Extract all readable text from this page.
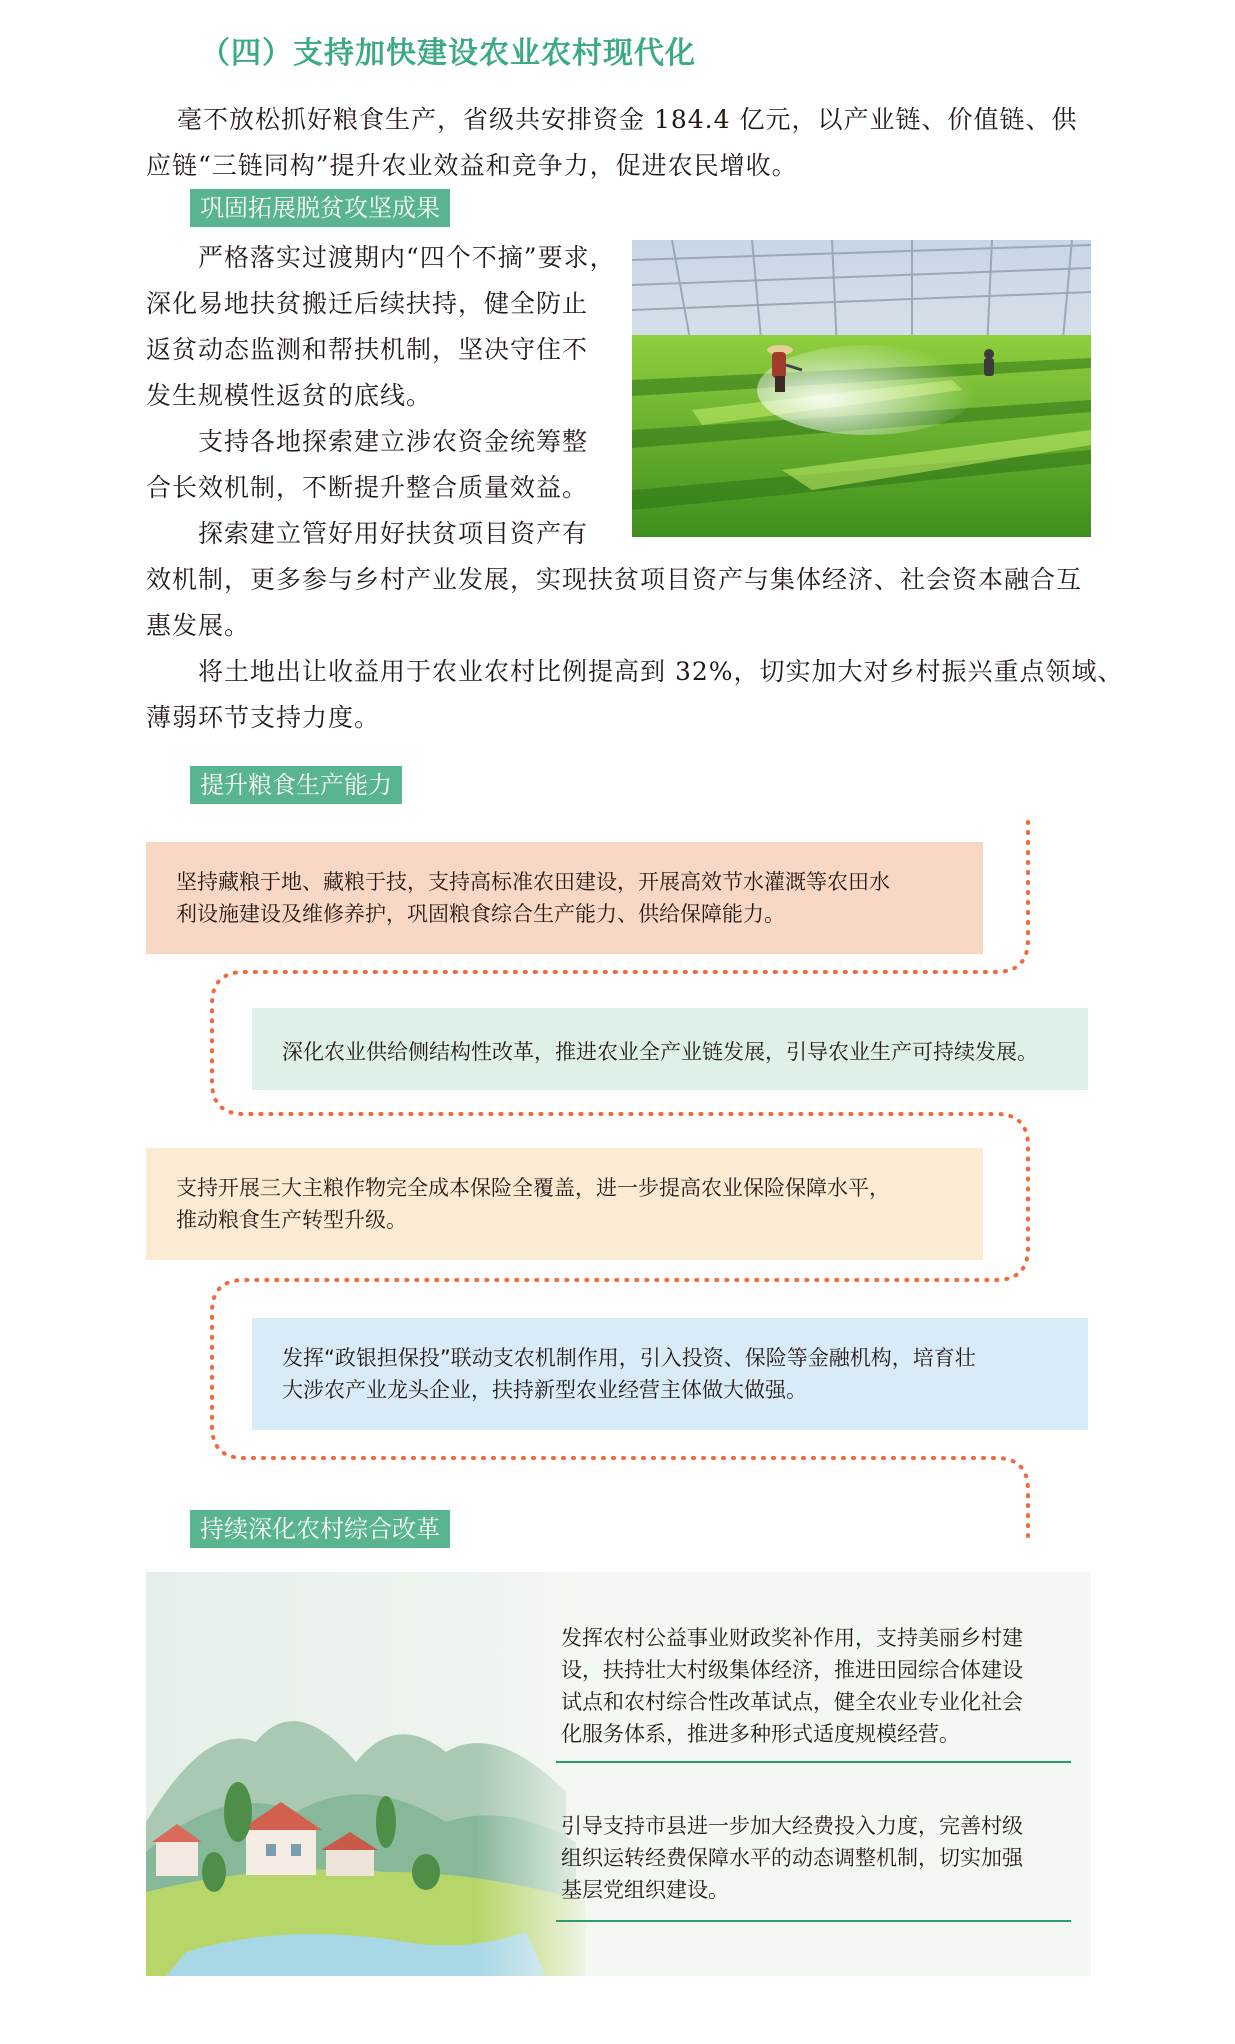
（四）支持加快建设农业农村现代化
毫不放松抓好粮食生产，省级共安排资金 184.4 亿元，以产业链、价值链、供
应链“三链同构”提升农业效益和竞争力，促进农民增收。
巩固拓展脱贫攻坚成果
严格落实过渡期内“四个不摘”要求，
深化易地扶贫搬迁后续扶持，健全防止
返贫动态监测和帮扶机制，坚决守住不
发生规模性返贫的底线。
支持各地探索建立涉农资金统筹整
合长效机制，不断提升整合质量效益。
探索建立管好用好扶贫项目资产有
效机制，更多参与乡村产业发展，实现扶贫项目资产与集体经济、社会资本融合互
惠发展。
将土地出让收益用于农业农村比例提高到 32%，切实加大对乡村振兴重点领域、
薄弱环节支持力度。
提升粮食生产能力
坚持藏粮于地、藏粮于技，支持高标准农田建设，开展高效节水灌溉等农田水
利设施建设及维修养护，巩固粮食综合生产能力、供给保障能力。
深化农业供给侧结构性改革，推进农业全产业链发展，引导农业生产可持续发展。
支持开展三大主粮作物完全成本保险全覆盖，进一步提高农业保险保障水平，
推动粮食生产转型升级。
发挥“政银担保投”联动支农机制作用，引入投资、保险等金融机构，培育壮
大涉农产业龙头企业，扶持新型农业经营主体做大做强。
持续深化农村综合改革
发挥农村公益事业财政奖补作用，支持美丽乡村建
设，扶持壮大村级集体经济，推进田园综合体建设
试点和农村综合性改革试点，健全农业专业化社会
化服务体系，推进多种形式适度规模经营。
引导支持市县进一步加大经费投入力度，完善村级
组织运转经费保障水平的动态调整机制，切实加强
基层党组织建设。
